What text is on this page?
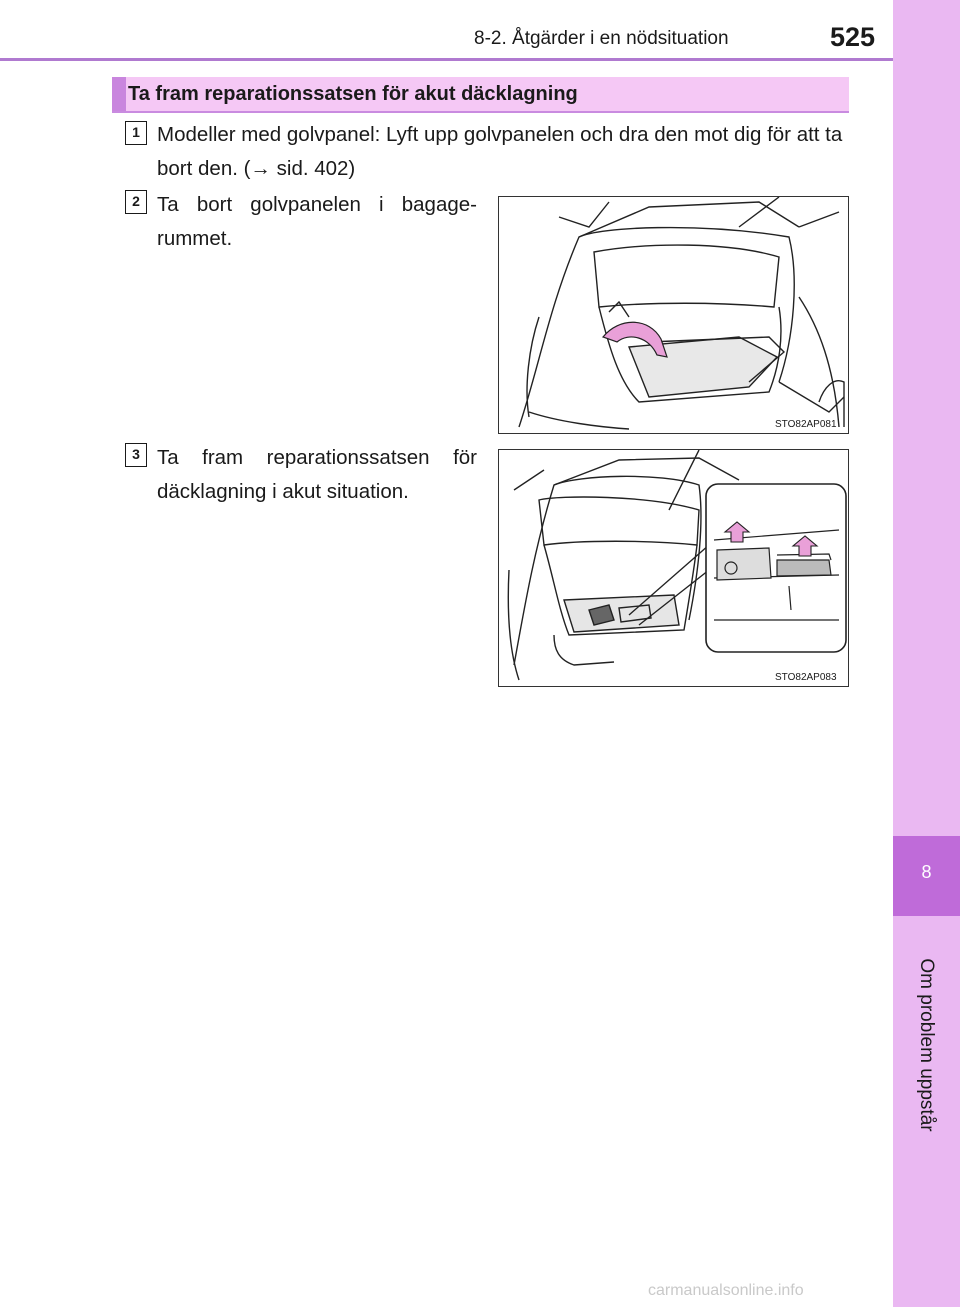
8-2. Åtgärder i en nödsituation	525
8
Om problem uppstår
Ta fram reparationssatsen för akut däcklagning
1 Modeller med golvpanel: Lyft upp golvpanelen och dra den mot dig för att ta bort den. (→ sid. 402)
2 Ta bort golvpanelen i bagage-rummet.
3 Ta fram reparationssatsen för däcklagning i akut situation.
STO82AP081
STO82AP083
carmanualsonline.info
